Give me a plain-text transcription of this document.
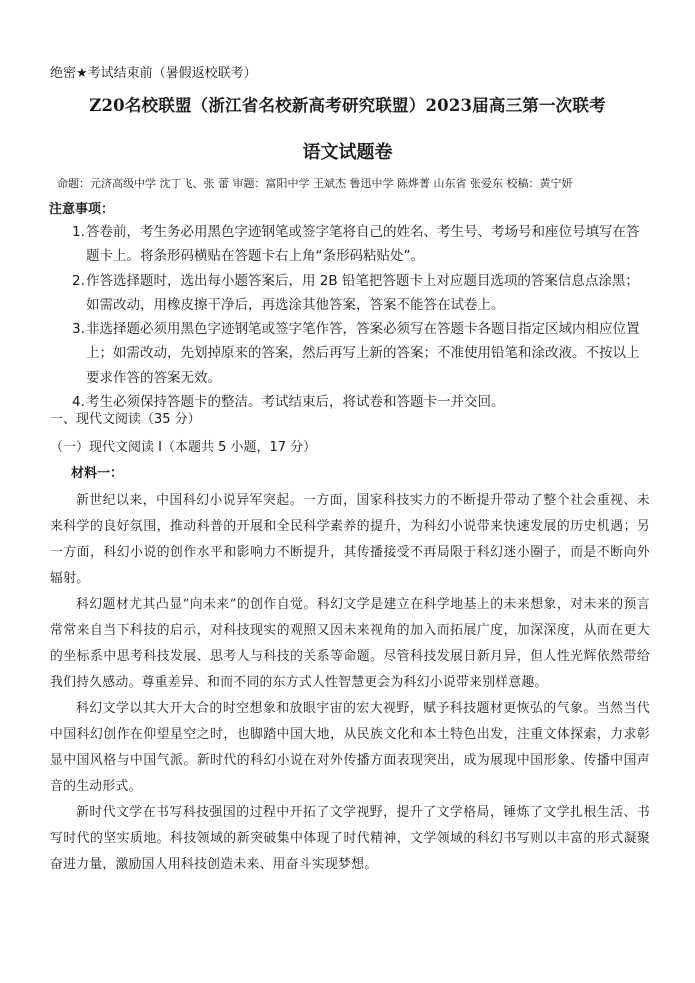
绝密★考试结束前（暑假返校联考）
Z20名校联盟（浙江省名校新高考研究联盟）2023届高三第一次联考
语文试题卷
命题：元济高级中学 沈丁飞、张 蕾 审题：富阳中学 王斌杰 鲁迅中学 陈烨菁 山东省 张爱东 校稿：黄宁妍
注意事项：
1. 答卷前，考生务必用黑色字迹钢笔或签字笔将自己的姓名、考生号、考场号和座位号填写在答题卡上。将条形码横贴在答题卡右上角“条形码粘贴处”。
2. 作答选择题时，选出每小题答案后，用 2B 铅笔把答题卡上对应题目选项的答案信息点涂黑；如需改动，用橡皮擦干净后，再选涂其他答案，答案不能答在试卷上。
3. 非选择题必须用黑色字迹钢笔或签字笔作答，答案必须写在答题卡各题目指定区域内相应位置上；如需改动，先划掉原来的答案，然后再写上新的答案；不准使用铅笔和涂改液。不按以上要求作答的答案无效。
4. 考生必须保持答题卡的整洁。考试结束后，将试卷和答题卡一并交回。
一、现代文阅读（35 分）
（一）现代文阅读 I（本题共 5 小题，17 分）
材料一：

新世纪以来，中国科幻小说异军突起。一方面，国家科技实力的不断提升带动了整个社会重视、未来科学的良好氛围，推动科普的开展和全民科学素养的提升，为科幻小说带来快速发展的历史机遇；另一方面，科幻小说的创作水平和影响力不断提升，其传播接受不再局限于科幻迷小圈子，而是不断向外辐射。

科幻题材尤其凸显“向未来”的创作自觉。科幻文学是建立在科学地基上的未来想象，对未来的预言常常来自当下科技的启示，对科技现实的观照又因未来视角的加入而拓展广度，加深深度，从而在更大的坐标系中思考科技发展、思考人与科技的关系等命题。尽管科技发展日新月异，但人性光辉依然带给我们持久感动。尊重差异、和而不同的东方式人性智慧更会为科幻小说带来别样意趣。

科幻文学以其大开大合的时空想象和放眼宇宙的宏大视野，赋予科技题材更恢弘的气象。当然当代中国科幻创作在仰望星空之时，也脚踏中国大地，从民族文化和本土特色出发，注重文体探索，力求彰显中国风格与中国气派。新时代的科幻小说在对外传播方面表现突出，成为展现中国形象、传播中国声音的生动形式。

新时代文学在书写科技强国的过程中开拓了文学视野，提升了文学格局，锤炼了文学扎根生活、书写时代的坚实质地。科技领域的新突破集中体现了时代精神，文学领域的科幻书写则以丰富的形式凝聚奋进力量，激励国人用科技创造未来、用奋斗实现梦想。
